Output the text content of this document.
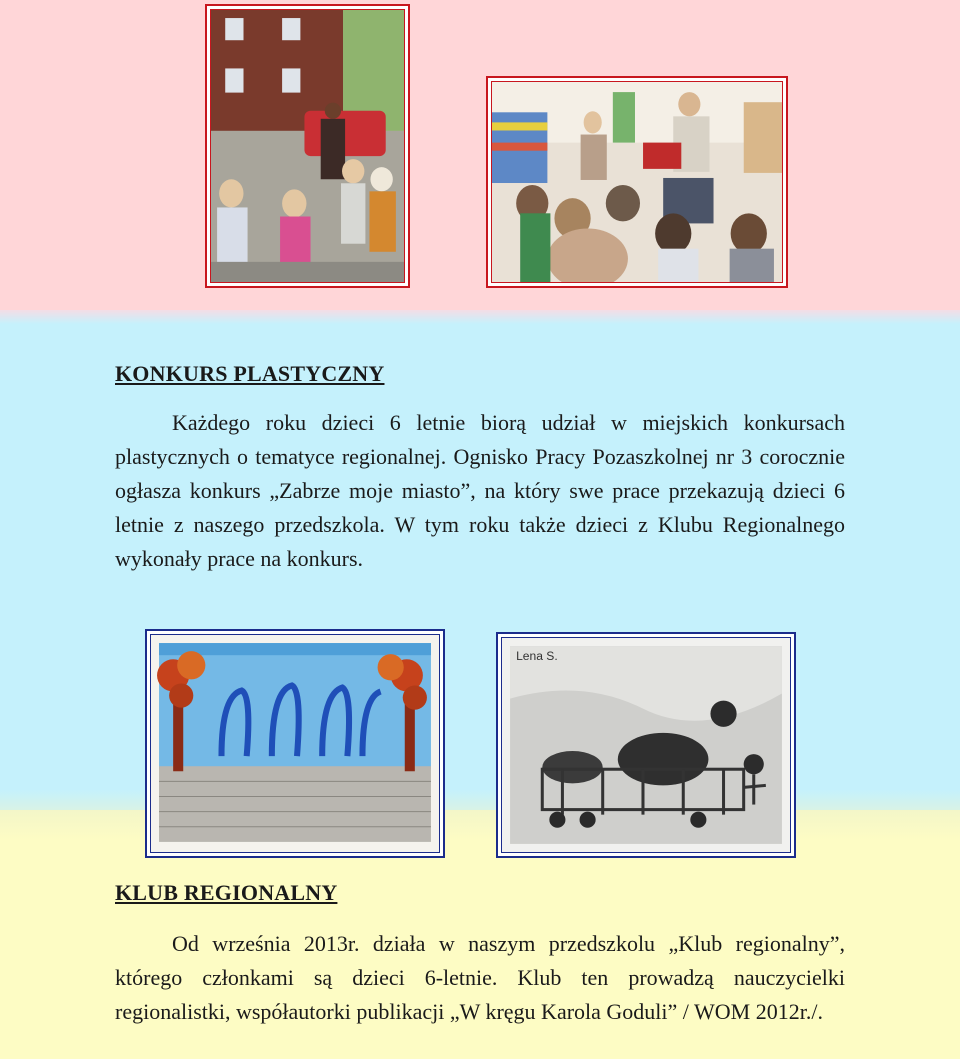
KONKURS PLASTYCZNY

Każdego roku dzieci 6 letnie biorą udział w miejskich konkursach plastycznych o tematyce regionalnej. Ognisko Pracy Pozaszkolnej nr 3 corocznie ogłasza konkurs „Zabrze moje miasto”, na który swe prace przekazują dzieci 6 letnie z naszego przedszkola. W tym roku także dzieci z Klubu Regionalnego wykonały prace na konkurs.

Lena S.
KLUB REGIONALNY

Od września 2013r. działa w naszym przedszkolu „Klub regionalny”, którego członkami są dzieci 6-letnie. Klub ten prowadzą nauczycielki regionalistki, współautorki publikacji „W kręgu Karola Goduli” / WOM 2012r./.
